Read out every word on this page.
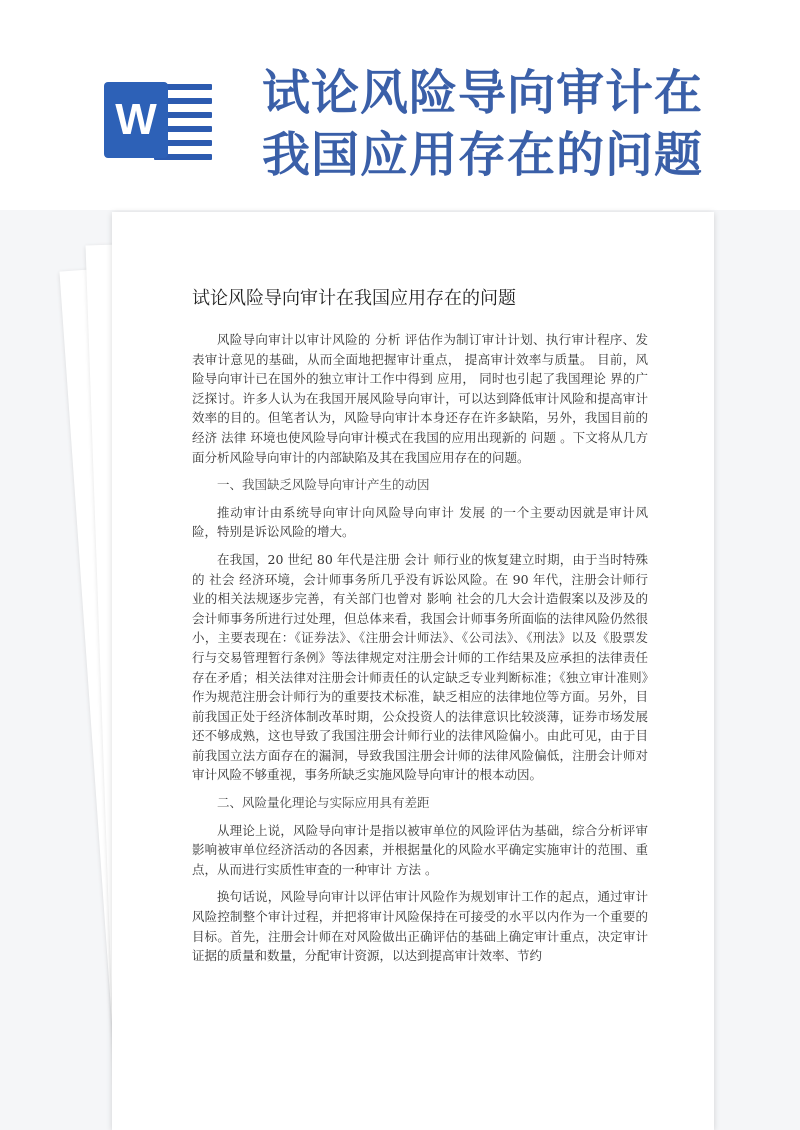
W 试论风险导向审计在我国应用存在的问题
试论风险导向审计在我国应用存在的问题

风险导向审计以审计风险的 分析 评估作为制订审计计划、执行审计程序、发表审计意见的基础，从而全面地把握审计重点， 提高审计效率与质量。 目前，风险导向审计已在国外的独立审计工作中得到 应用， 同时也引起了我国理论 界的广泛探讨。许多人认为在我国开展风险导向审计，可以达到降低审计风险和提高审计效率的目的。但笔者认为，风险导向审计本身还存在许多缺陷，另外，我国目前的 经济 法律 环境也使风险导向审计模式在我国的应用出现新的 问题 。下文将从几方面分析风险导向审计的内部缺陷及其在我国应用存在的问题。

一、我国缺乏风险导向审计产生的动因

推动审计由系统导向审计向风险导向审计 发展 的一个主要动因就是审计风险，特别是诉讼风险的增大。

在我国，20 世纪 80 年代是注册 会计 师行业的恢复建立时期，由于当时特殊的 社会 经济环境，会计师事务所几乎没有诉讼风险。在 90 年代，注册会计师行业的相关法规逐步完善，有关部门也曾对 影响 社会的几大会计造假案以及涉及的会计师事务所进行过处理，但总体来看，我国会计师事务所面临的法律风险仍然很小，主要表现在：《证券法》、《注册会计师法》、《公司法》、《刑法》以及《股票发行与交易管理暂行条例》等法律规定对注册会计师的工作结果及应承担的法律责任存在矛盾；相关法律对注册会计师责任的认定缺乏专业判断标准；《独立审计准则》作为规范注册会计师行为的重要技术标准，缺乏相应的法律地位等方面。另外，目前我国正处于经济体制改革时期，公众投资人的法律意识比较淡薄，证券市场发展还不够成熟，这也导致了我国注册会计师行业的法律风险偏小。由此可见，由于目前我国立法方面存在的漏洞，导致我国注册会计师的法律风险偏低，注册会计师对审计风险不够重视，事务所缺乏实施风险导向审计的根本动因。

二、风险量化理论与实际应用具有差距

从理论上说，风险导向审计是指以被审单位的风险评估为基础，综合分析评审影响被审单位经济活动的各因素，并根据量化的风险水平确定实施审计的范围、重点，从而进行实质性审查的一种审计 方法 。

换句话说，风险导向审计以评估审计风险作为规划审计工作的起点，通过审计风险控制整个审计过程，并把将审计风险保持在可接受的水平以内作为一个重要的目标。首先，注册会计师在对风险做出正确评估的基础上确定审计重点，决定审计证据的质量和数量，分配审计资源，以达到提高审计效率、节约
